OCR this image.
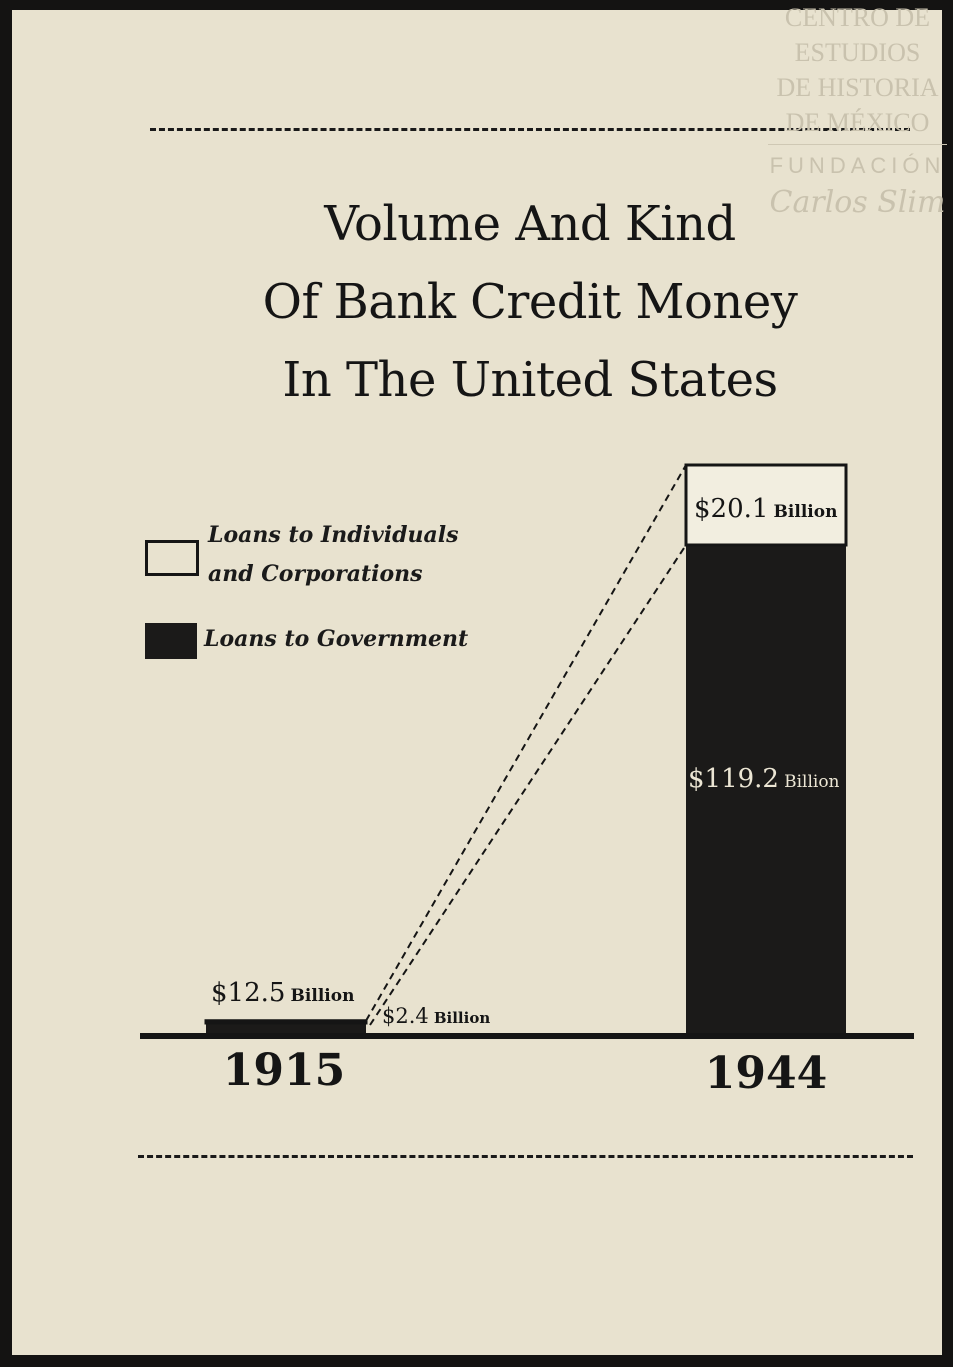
CENTRO DE
ESTUDIOS
DE HISTORIA
DE MÉXICO
FUNDACIÓN
Carlos Slim
Volume And Kind
Of Bank Credit Money
In The United States
Loans to Individuals
and Corporations
Loans to Government
$12.5 Billion
$2.4 Billion
$20.1 Billion
$119.2 Billion
1915	1944
